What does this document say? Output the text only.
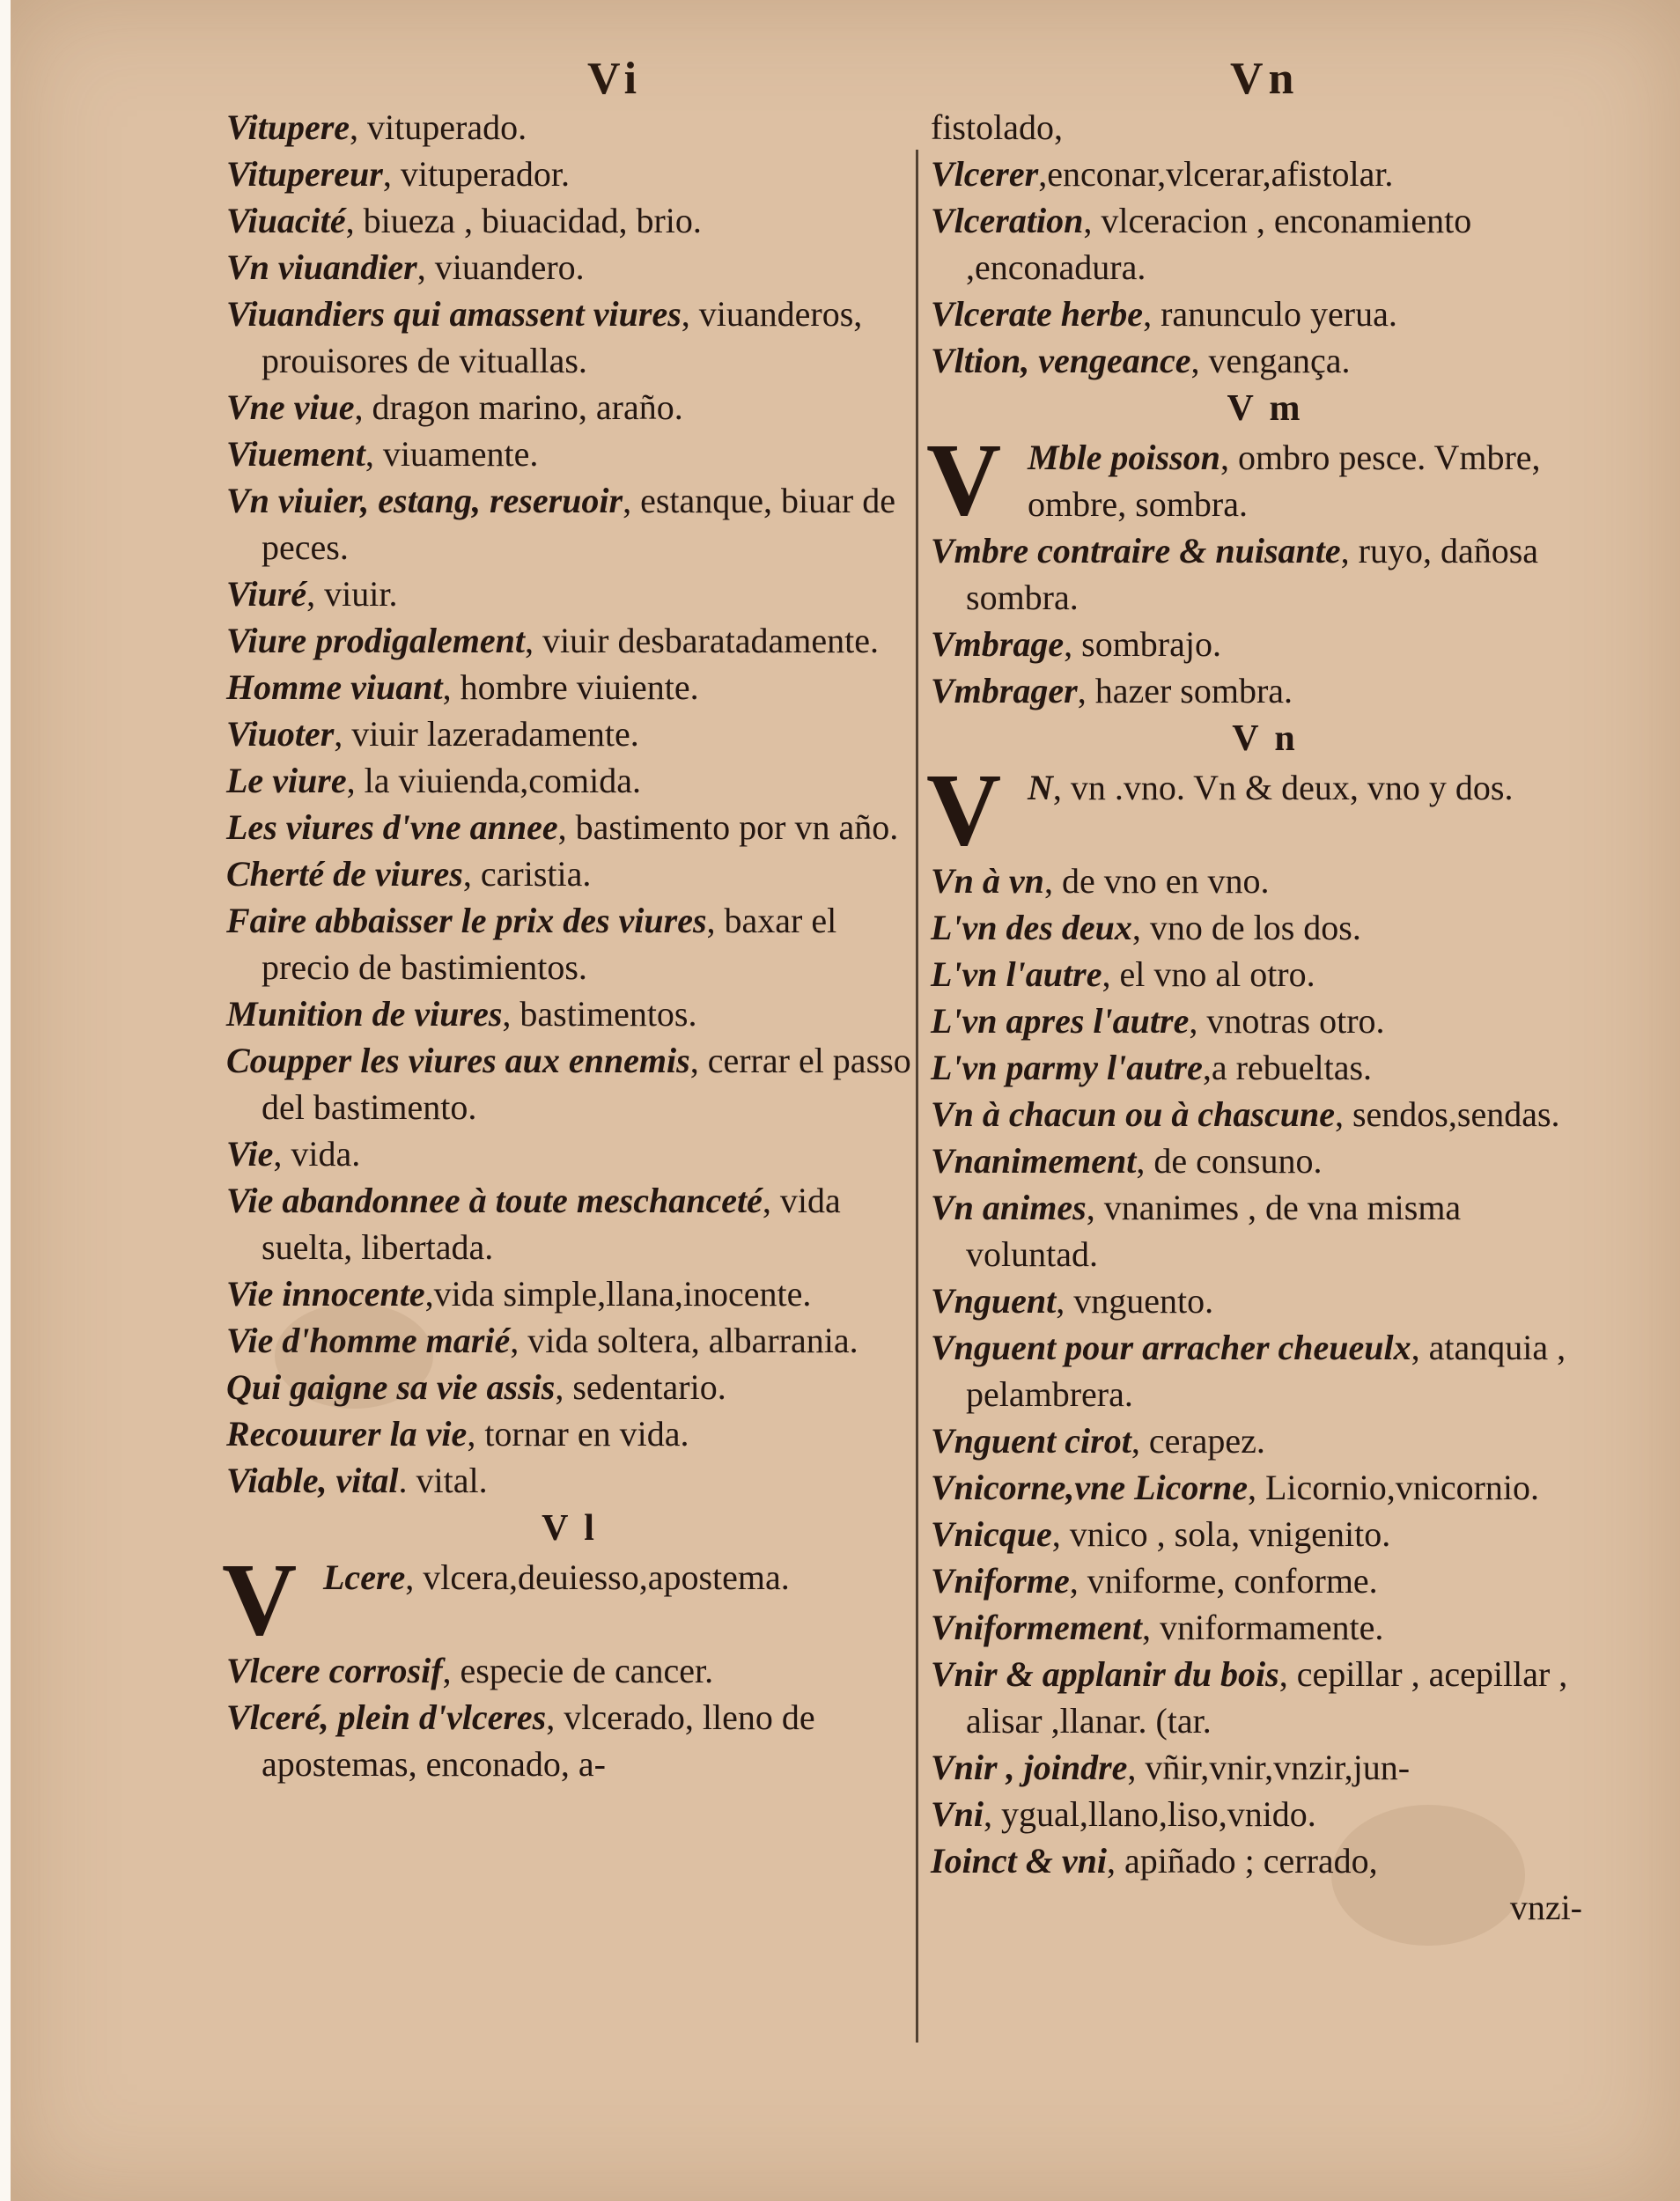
Vi	Vn
Vitupere, vituperado.
Vitupereur, vituperador.
Viuacité, biueza , biuacidad, brio.
Vn viuandier, viuandero.
Viuandiers qui amassent viures, viuanderos, prouisores de vituallas.
Vne viue, dragon marino, araño.
Viuement, viuamente.
Vn viuier, estang, reseruoir, estanque, biuar de peces.
Viuré, viuir.
Viure prodigalement, viuir desbaratadamente.
Homme viuant, hombre viuiente.
Viuoter, viuir lazeradamente.
Le viure, la viuienda,comida.
Les viures d'vne annee, bastimento por vn año.
Cherté de viures, caristia.
Faire abbaisser le prix des viures, baxar el precio de bastimientos.
Munition de viures, bastimentos.
Coupper les viures aux ennemis, cerrar el passo del bastimento.
Vie, vida.
Vie abandonnee à toute meschanceté, vida suelta, libertada.
Vie innocente,vida simple,llana,inocente.
Vie d'homme marié, vida soltera, albarrania.
Qui gaigne sa vie assis, sedentario.
Recouurer la vie, tornar en vida.
Viable, vital. vital.
V l
V Lcere, vlcera,deuiesso,apostema.
Vlcere corrosif, especie de cancer.
Vlceré, plein d'vlceres, vlcerado, lleno de apostemas, enconado, a-
fistolado,
Vlcerer,enconar,vlcerar,afistolar.
Vlceration, vlceracion , enconamiento ,enconadura.
Vlcerate herbe, ranunculo yerua.
Vltion, vengeance, vengança.
V m
V Mble poisson, ombro pesce. Vmbre, ombre, sombra.
Vmbre contraire & nuisante, ruyo, dañosa sombra.
Vmbrage, sombrajo.
Vmbrager, hazer sombra.
V n
V N, vn .vno. Vn & deux, vno y dos.
Vn à vn, de vno en vno.
L'vn des deux, vno de los dos.
L'vn l'autre, el vno al otro.
L'vn apres l'autre, vnotras otro.
L'vn parmy l'autre,a rebueltas.
Vn à chacun ou à chascune, sendos,sendas.
Vnanimement, de consuno.
Vn animes, vnanimes , de vna misma voluntad.
Vnguent, vnguento.
Vnguent pour arracher cheueulx, atanquia , pelambrera.
Vnguent cirot, cerapez.
Vnicorne,vne Licorne, Licornio,vnicornio.
Vnicque, vnico , sola, vnigenito.
Vniforme, vniforme, conforme.
Vniformement, vniformamente.
Vnir & applanir du bois, cepillar , acepillar , alisar ,llanar. (tar.
Vnir , joindre, vñir,vnir,vnzir,jun-
Vni, ygual,llano,liso,vnido.
Ioinct & vni, apiñado ; cerrado,
vnzi-
